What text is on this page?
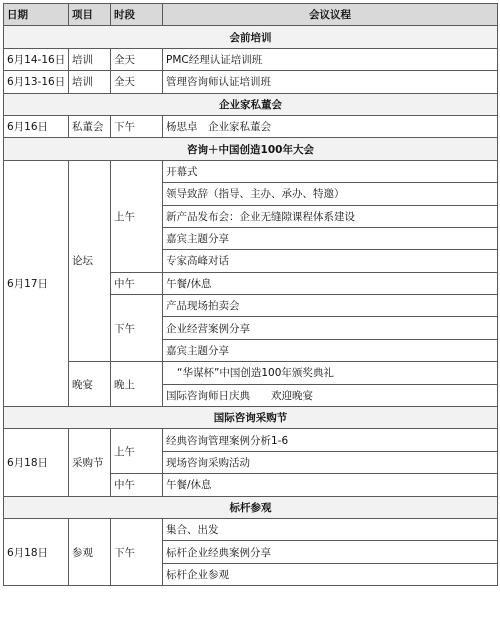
日期	项目	时段	会议议程
会前培训			
6月14-16日	培训	全天	PMC经理认证培训班
6月13-16日	培训	全天	管理咨询师认证培训班
企业家私董会			
6月16日	私董会	下午	杨思卓　企业家私董会
咨询＋中国创造100年大会			
6月17日	论坛	上午	开幕式
			领导致辞（指导、主办、承办、特邀）
			新产品发布会：企业无缝隙课程体系建设
			嘉宾主题分享
			专家高峰对话
		中午	午餐/休息
		下午	产品现场拍卖会
			企业经营案例分享
			嘉宾主题分享
	晚宴	晚上	“华谋杯”中国创造100年颁奖典礼
			国际咨询师日庆典　　欢迎晚宴
国际咨询采购节			
6月18日	采购节	上午	经典咨询管理案例分析1-6
			现场咨询采购活动
		中午	午餐/休息
标杆参观			
6月18日	参观	下午	集合、出发
			标杆企业经典案例分享
			标杆企业参观
